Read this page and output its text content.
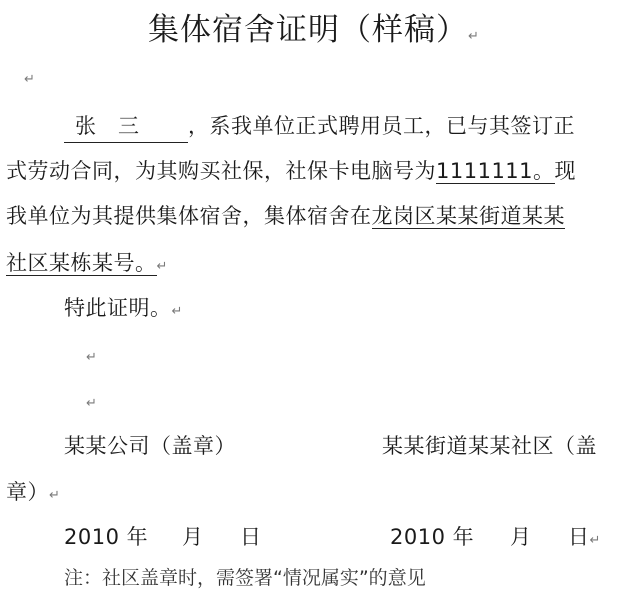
集体宿舍证明（样稿）↵
↵
张　三 ，系我单位正式聘用员工，已与其签订正
式劳动合同，为其购买社保，社保卡电脑号为1111111。现
我单位为其提供集体宿舍，集体宿舍在龙岗区某某街道某某
社区某栋某号。↵
特此证明。↵
↵
↵
某某公司（盖章）	某某街道某某社区（盖
章）↵
2010 年 月 日	2010 年 月 日↵
注：社区盖章时，需签署“情况属实”的意见
